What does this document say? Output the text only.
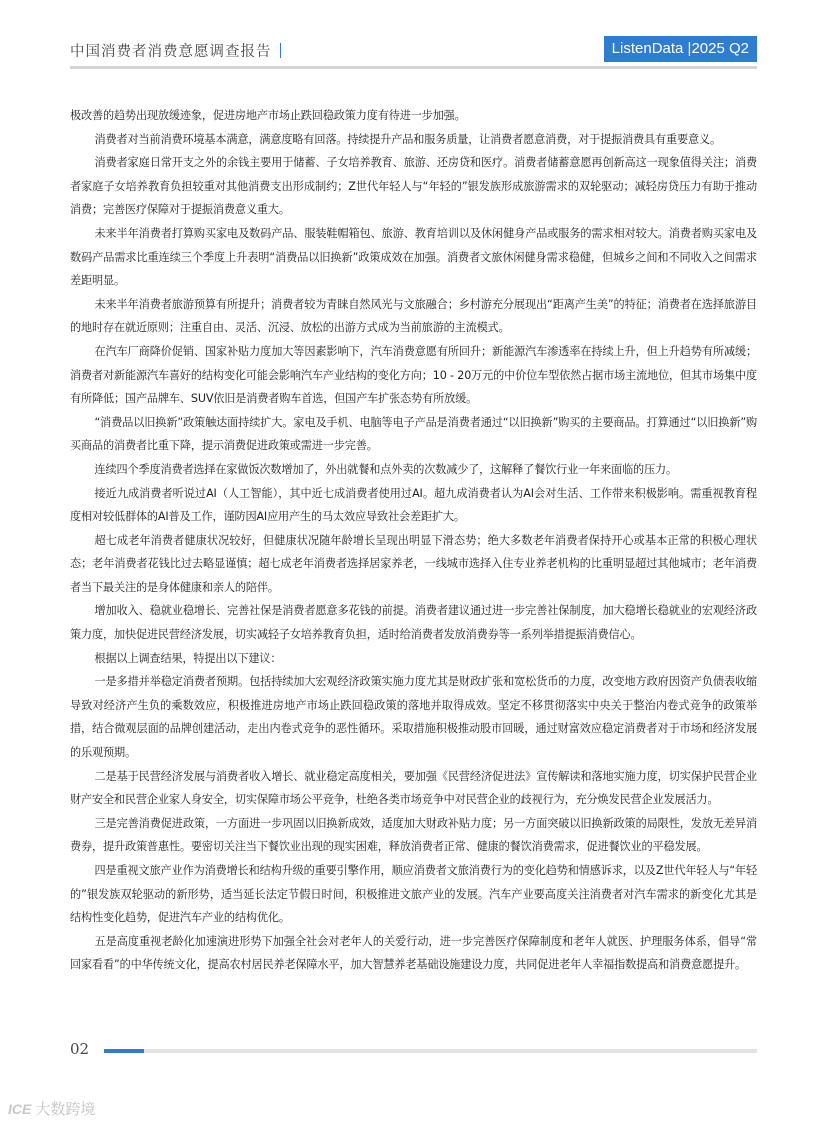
中国消费者消费意愿调查报告	ListenData |2025 Q2

极改善的趋势出现放缓迹象，促进房地产市场止跌回稳政策力度有待进一步加强。

消费者对当前消费环境基本满意，满意度略有回落。持续提升产品和服务质量，让消费者愿意消费，对于提振消费具有重要意义。

消费者家庭日常开支之外的余钱主要用于储蓄、子女培养教育、旅游、还房贷和医疗。消费者储蓄意愿再创新高这一现象值得关注；消费者家庭子女培养教育负担较重对其他消费支出形成制约；Z世代年轻人与“年轻的”银发族形成旅游需求的双轮驱动；减轻房贷压力有助于推动消费；完善医疗保障对于提振消费意义重大。

未来半年消费者打算购买家电及数码产品、服装鞋帽箱包、旅游、教育培训以及休闲健身产品或服务的需求相对较大。消费者购买家电及数码产品需求比重连续三个季度上升表明“消费品以旧换新”政策成效在加强。消费者文旅休闲健身需求稳健，但城乡之间和不同收入之间需求差距明显。

未来半年消费者旅游预算有所提升；消费者较为青睐自然风光与文旅融合；乡村游充分展现出“距离产生美”的特征；消费者在选择旅游目的地时存在就近原则；注重自由、灵活、沉浸、放松的出游方式成为当前旅游的主流模式。

在汽车厂商降价促销、国家补贴力度加大等因素影响下，汽车消费意愿有所回升；新能源汽车渗透率在持续上升，但上升趋势有所减缓；消费者对新能源汽车喜好的结构变化可能会影响汽车产业结构的变化方向；10 - 20万元的中价位车型依然占据市场主流地位，但其市场集中度有所降低；国产品牌车、SUV依旧是消费者购车首选，但国产车扩张态势有所放缓。

“消费品以旧换新”政策触达面持续扩大。家电及手机、电脑等电子产品是消费者通过“以旧换新”购买的主要商品。打算通过“以旧换新”购买商品的消费者比重下降，提示消费促进政策或需进一步完善。

连续四个季度消费者选择在家做饭次数增加了，外出就餐和点外卖的次数减少了，这解释了餐饮行业一年来面临的压力。

接近九成消费者听说过AI（人工智能），其中近七成消费者使用过AI。超九成消费者认为AI会对生活、工作带来积极影响。需重视教育程度相对较低群体的AI普及工作，谨防因AI应用产生的马太效应导致社会差距扩大。

超七成老年消费者健康状况较好，但健康状况随年龄增长呈现出明显下滑态势；绝大多数老年消费者保持开心或基本正常的积极心理状态；老年消费者花钱比过去略显谨慎；超七成老年消费者选择居家养老，一线城市选择入住专业养老机构的比重明显超过其他城市；老年消费者当下最关注的是身体健康和亲人的陪伴。

增加收入、稳就业稳增长、完善社保是消费者愿意多花钱的前提。消费者建议通过进一步完善社保制度，加大稳增长稳就业的宏观经济政策力度，加快促进民营经济发展，切实减轻子女培养教育负担，适时给消费者发放消费券等一系列举措提振消费信心。

根据以上调查结果，特提出以下建议：

一是多措并举稳定消费者预期。包括持续加大宏观经济政策实施力度尤其是财政扩张和宽松货币的力度，改变地方政府因资产负债表收缩导致对经济产生负的乘数效应，积极推进房地产市场止跌回稳政策的落地并取得成效。坚定不移贯彻落实中央关于整治内卷式竞争的政策举措，结合微观层面的品牌创建活动，走出内卷式竞争的恶性循环。采取措施积极推动股市回暖，通过财富效应稳定消费者对于市场和经济发展的乐观预期。

二是基于民营经济发展与消费者收入增长、就业稳定高度相关，要加强《民营经济促进法》宣传解读和落地实施力度，切实保护民营企业财产安全和民营企业家人身安全，切实保障市场公平竞争，杜绝各类市场竞争中对民营企业的歧视行为，充分焕发民营企业发展活力。

三是完善消费促进政策，一方面进一步巩固以旧换新成效，适度加大财政补贴力度；另一方面突破以旧换新政策的局限性，发放无差异消费券，提升政策普惠性。要密切关注当下餐饮业出现的现实困难，释放消费者正常、健康的餐饮消费需求，促进餐饮业的平稳发展。

四是重视文旅产业作为消费增长和结构升级的重要引擎作用，顺应消费者文旅消费行为的变化趋势和情感诉求，以及Z世代年轻人与“年轻的”银发族双轮驱动的新形势，适当延长法定节假日时间，积极推进文旅产业的发展。汽车产业要高度关注消费者对汽车需求的新变化尤其是结构性变化趋势，促进汽车产业的结构优化。

五是高度重视老龄化加速演进形势下加强全社会对老年人的关爱行动，进一步完善医疗保障制度和老年人就医、护理服务体系，倡导“常回家看看”的中华传统文化，提高农村居民养老保障水平，加大智慧养老基础设施建设力度，共同促进老年人幸福指数提高和消费意愿提升。

02
ICE 大数跨境
